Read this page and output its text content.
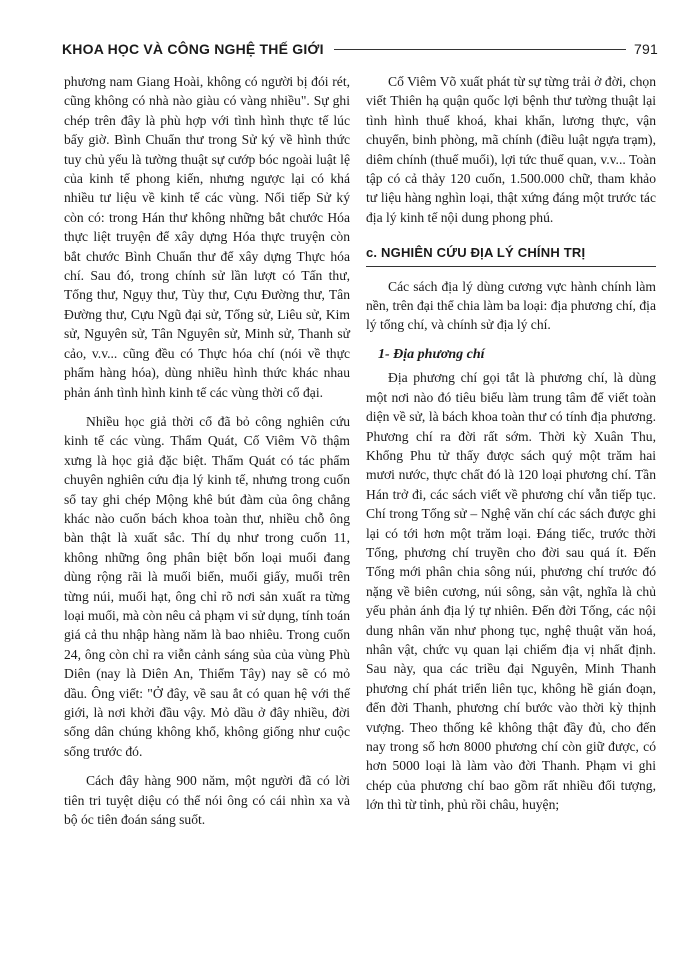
KHOA HỌC VÀ CÔNG NGHỆ THẾ GIỚI	791

phương nam Giang Hoài, không có người bị đói rét, cũng không có nhà nào giàu có vàng nhiều". Sự ghi chép trên đây là phù hợp với tình hình thực tế lúc bấy giờ. Bình Chuẩn thư trong Sử ký về hình thức tuy chủ yếu là tường thuật sự cướp bóc ngoài luật lệ của kinh tế phong kiến, nhưng ngược lại có khá nhiều tư liệu về kinh tế các vùng. Nối tiếp Sử ký còn có: trong Hán thư không những bắt chước Hóa thực liệt truyện để xây dựng Hóa thực truyện còn bắt chước Bình Chuẩn thư để xây dựng Thực hóa chí. Sau đó, trong chính sử lần lượt có Tấn thư, Tống thư, Ngụy thư, Tùy thư, Cựu Đường thư, Tân Đường thư, Cựu Ngũ đại sử, Tống sử, Liêu sử, Kim sử, Nguyên sử, Tân Nguyên sử, Minh sử, Thanh sử cảo, v.v... cũng đều có Thực hóa chí (nói về thực phẩm hàng hóa), dùng nhiều hình thức khác nhau phản ánh tình hình kinh tế các vùng thời cổ đại.

Nhiều học giả thời cổ đã bỏ công nghiên cứu kinh tế các vùng. Thẩm Quát, Cố Viêm Võ thậm xưng là học giả đặc biệt. Thẩm Quát có tác phẩm chuyên nghiên cứu địa lý kinh tế, nhưng trong cuốn sổ tay ghi chép Mộng khê bút đàm của ông chẳng khác nào cuốn bách khoa toàn thư, nhiều chỗ ông bàn thật là xuất sắc. Thí dụ như trong cuốn 11, không những ông phân biệt bốn loại muối đang dùng rộng rãi là muối biển, muối giấy, muối trên từng núi, muối hạt, ông chỉ rõ nơi sản xuất ra từng loại muối, mà còn nêu cả phạm vi sử dụng, tính toán giá cả thu nhập hàng năm là bao nhiêu. Trong cuốn 24, ông còn chỉ ra viễn cảnh sáng sủa của vùng Phù Diên (nay là Diên An, Thiểm Tây) nay sẽ có mỏ dầu. Ông viết: "Ở đây, về sau ắt có quan hệ với thế giới, là nơi khởi đầu vậy. Mỏ dầu ở đây nhiều, đời sống dân chúng không khổ, không giống như cuộc sống trước đó.

Cách đây hàng 900 năm, một người đã có lời tiên tri tuyệt diệu có thể nói ông có cái nhìn xa và bộ óc tiên đoán sáng suốt.

Cố Viêm Võ xuất phát từ sự từng trải ở đời, chọn viết Thiên hạ quận quốc lợi bệnh thư tường thuật lại tình hình thuế khoá, khai khẩn, lương thực, vận chuyển, binh phòng, mã chính (điều luật ngựa trạm), diêm chính (thuế muối), lợi tức thuế quan, v.v... Toàn tập có cả thảy 120 cuốn, 1.500.000 chữ, tham khảo tư liệu hàng nghìn loại, thật xứng đáng một trước tác địa lý kinh tế nội dung phong phú.

c. NGHIÊN CỨU ĐỊA LÝ CHÍNH TRỊ

Các sách địa lý dùng cương vực hành chính làm nền, trên đại thể chia làm ba loại: địa phương chí, địa lý tổng chí, và chính sử địa lý chí.

1- Địa phương chí

Địa phương chí gọi tắt là phương chí, là dùng một nơi nào đó tiêu biểu làm trung tâm để viết toàn diện về sử, là bách khoa toàn thư có tính địa phương. Phương chí ra đời rất sớm. Thời kỳ Xuân Thu, Khổng Phu tử thấy được sách quý một trăm hai mươi nước, thực chất đó là 120 loại phương chí. Tần Hán trở đi, các sách viết về phương chí vẫn tiếp tục. Chí trong Tống sử – Nghệ văn chí các sách được ghi lại có tới hơn một trăm loại. Đáng tiếc, trước thời Tống, phương chí truyền cho đời sau quá ít. Đến Tống mới phân chia sông núi, phương chí trước đó nặng về biên cương, núi sông, sản vật, nghĩa là chủ yếu phản ánh địa lý tự nhiên. Đến đời Tống, các nội dung nhân văn như phong tục, nghệ thuật văn hoá, nhân vật, chức vụ quan lại chiếm địa vị nhất định. Sau này, qua các triều đại Nguyên, Minh Thanh phương chí phát triển liên tục, không hề gián đoạn, đến đời Thanh, phương chí bước vào thời kỳ thịnh vượng. Theo thống kê không thật đầy đủ, cho đến nay trong số hơn 8000 phương chí còn giữ được, có hơn 5000 loại là làm vào đời Thanh. Phạm vi ghi chép của phương chí bao gồm rất nhiều đối tượng, lớn thì từ tỉnh, phủ rồi châu, huyện;
